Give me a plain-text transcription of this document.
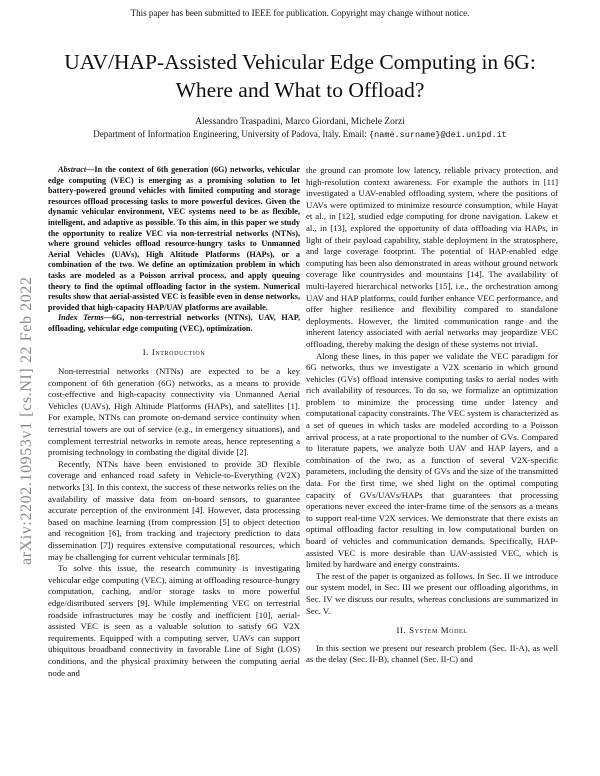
This paper has been submitted to IEEE for publication. Copyright may change without notice.
arXiv:2202.10953v1 [cs.NI] 22 Feb 2022
UAV/HAP-Assisted Vehicular Edge Computing in 6G: Where and What to Offload?
Alessandro Traspadini, Marco Giordani, Michele Zorzi
Department of Information Engineering, University of Padova, Italy. Email: {name.surname}@dei.unipd.it

Abstract—In the context of 6th generation (6G) networks, vehicular edge computing (VEC) is emerging as a promising solution to let battery-powered ground vehicles with limited computing and storage resources offload processing tasks to more powerful devices. Given the dynamic vehicular environment, VEC systems need to be as flexible, intelligent, and adaptive as possible. To this aim, in this paper we study the opportunity to realize VEC via non-terrestrial networks (NTNs), where ground vehicles offload resource-hungry tasks to Unmanned Aerial Vehicles (UAVs), High Altitude Platforms (HAPs), or a combination of the two. We define an optimization problem in which tasks are modeled as a Poisson arrival process, and apply queuing theory to find the optimal offloading factor in the system. Numerical results show that aerial-assisted VEC is feasible even in dense networks, provided that high-capacity HAP/UAV platforms are available.

Index Terms—6G, non-terrestrial networks (NTNs), UAV, HAP, offloading, vehicular edge computing (VEC), optimization.

I. Introduction

Non-terrestrial networks (NTNs) are expected to be a key component of 6th generation (6G) networks, as a means to provide cost-effective and high-capacity connectivity via Unmanned Aerial Vehicles (UAVs), High Altitude Platforms (HAPs), and satellites [1]. For example, NTNs can promote on-demand service continuity when terrestrial towers are out of service (e.g., in emergency situations), and complement terrestrial networks in remote areas, hence representing a promising technology in combating the digital divide [2].

Recently, NTNs have been envisioned to provide 3D flexible coverage and enhanced road safety in Vehicle-to-Everything (V2X) networks [3]. In this context, the success of these networks relies on the availability of massive data from on-board sensors, to guarantee accurate perception of the environment [4]. However, data processing based on machine learning (from compression [5] to object detection and recognition [6], from tracking and trajectory prediction to data dissemination [7]) requires extensive computational resources, which may be challenging for current vehicular terminals [8].

To solve this issue, the research community is investigating vehicular edge computing (VEC), aiming at offloading resource-hungry computation, caching, and/or storage tasks to more powerful edge/distributed servers [9]. While implementing VEC on terrestrial roadside infrastructures may be costly and inefficient [10], aerial-assisted VEC is seen as a valuable solution to satisfy 6G V2X requirements. Equipped with a computing server, UAVs can support ubiquitous broadband connectivity in favorable Line of Sight (LOS) conditions, and the physical proximity between the computing aerial node and

the ground can promote low latency, reliable privacy protection, and high-resolution context awareness. For example the authors in [11] investigated a UAV-enabled offloading system, where the positions of UAVs were optimized to minimize resource consumption, while Hayat et al., in [12], studied edge computing for drone navigation. Lakew et al., in [13], explored the opportunity of data offloading via HAPs, in light of their payload capability, stable deployment in the stratosphere, and large coverage footprint. The potential of HAP-enabled edge computing has been also demonstrated in areas without ground network coverage like countrysides and mountains [14]. The availability of multi-layered hierarchical networks [15], i.e., the orchestration among UAV and HAP platforms, could further enhance VEC performance, and offer higher resilience and flexibility compared to standalone deployments. However, the limited communication range and the inherent latency associated with aerial networks may jeopardize VEC offloading, thereby making the design of these systems not trivial.

Along these lines, in this paper we validate the VEC paradigm for 6G networks, thus we investigate a V2X scenario in which ground vehicles (GVs) offload intensive computing tasks to aerial nodes with rich availability of resources. To do so, we formalize an optimization problem to minimize the processing time under latency and computational capacity constraints. The VEC system is characterized as a set of queues in which tasks are modeled according to a Poisson arrival process, at a rate proportional to the number of GVs. Compared to literature papers, we analyze both UAV and HAP layers, and a combination of the two, as a function of several V2X-specific parameters, including the density of GVs and the size of the transmitted data. For the first time, we shed light on the optimal computing capacity of GVs/UAVs/HAPs that guarantees that processing operations never exceed the inter-frame time of the sensors as a means to support real-time V2X services. We demonstrate that there exists an optimal offloading factor resulting in low computational burden on board of vehicles and communication demands. Specifically, HAP-assisted VEC is more desirable than UAV-assisted VEC, which is limited by hardware and energy constraints.

The rest of the paper is organized as follows. In Sec. II we introduce our system model, in Sec. III we present our offloading algorithms, in Sec. IV we discuss our results, whereas conclusions are summarized in Sec. V.

II. System Model

In this section we present our research problem (Sec. II-A), as well as the delay (Sec. II-B), channel (Sec. II-C) and
